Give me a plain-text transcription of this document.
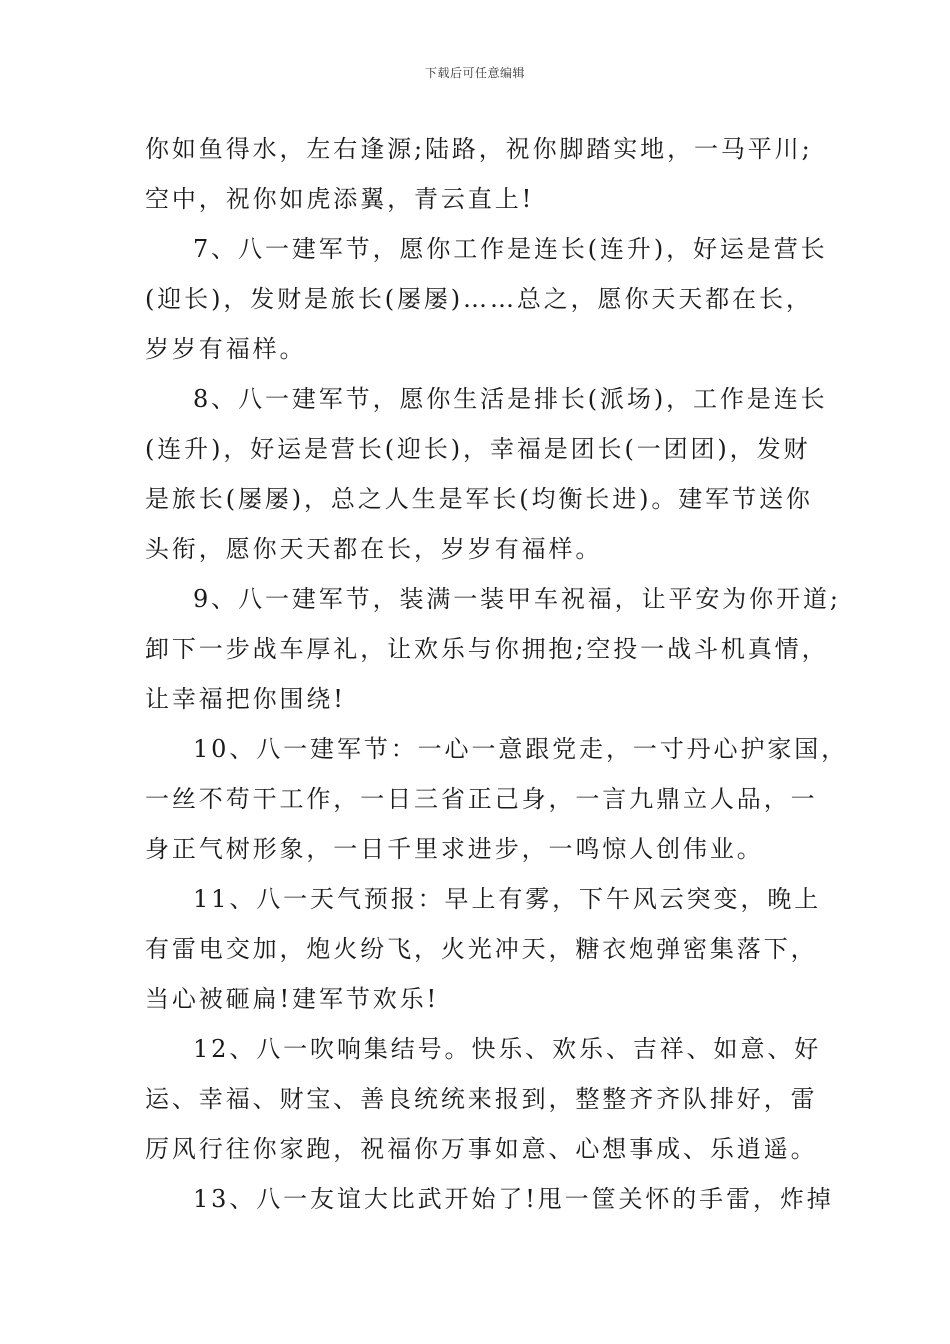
下载后可任意编辑
你如鱼得水，左右逢源;陆路，祝你脚踏实地，一马平川;
空中，祝你如虎添翼，青云直上!
7、八一建军节，愿你工作是连长(连升)，好运是营长
(迎长)，发财是旅长(屡屡)……总之，愿你天天都在长，
岁岁有福样。
8、八一建军节，愿你生活是排长(派场)，工作是连长
(连升)，好运是营长(迎长)，幸福是团长(一团团)，发财
是旅长(屡屡)，总之人生是军长(均衡长进)。建军节送你
头衔，愿你天天都在长，岁岁有福样。
9、八一建军节，装满一装甲车祝福，让平安为你开道;
卸下一步战车厚礼，让欢乐与你拥抱;空投一战斗机真情，
让幸福把你围绕!
10、八一建军节：一心一意跟党走，一寸丹心护家国，
一丝不苟干工作，一日三省正己身，一言九鼎立人品，一
身正气树形象，一日千里求进步，一鸣惊人创伟业。
11、八一天气预报：早上有雾，下午风云突变，晚上
有雷电交加，炮火纷飞，火光冲天，糖衣炮弹密集落下，
当心被砸扁!建军节欢乐!
12、八一吹响集结号。快乐、欢乐、吉祥、如意、好
运、幸福、财宝、善良统统来报到，整整齐齐队排好，雷
厉风行往你家跑，祝福你万事如意、心想事成、乐逍遥。
13、八一友谊大比武开始了!甩一筐关怀的手雷，炸掉
